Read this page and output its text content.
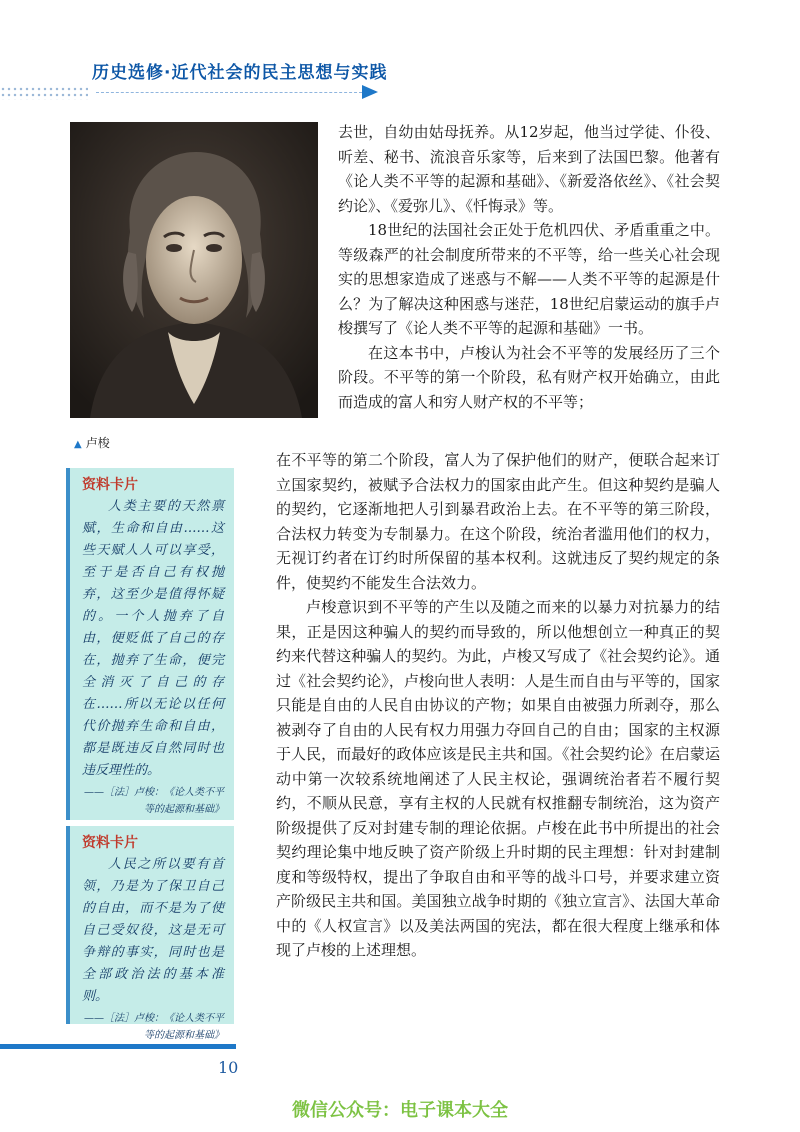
历史选修·近代社会的民主思想与实践
▲ 卢梭

去世，自幼由姑母抚养。从12岁起，他当过学徒、仆役、听差、秘书、流浪音乐家等，后来到了法国巴黎。他著有《论人类不平等的起源和基础》、《新爱洛依丝》、《社会契约论》、《爱弥儿》、《忏悔录》等。

18世纪的法国社会正处于危机四伏、矛盾重重之中。等级森严的社会制度所带来的不平等，给一些关心社会现实的思想家造成了迷惑与不解——人类不平等的起源是什么？为了解决这种困惑与迷茫，18世纪启蒙运动的旗手卢梭撰写了《论人类不平等的起源和基础》一书。

在这本书中，卢梭认为社会不平等的发展经历了三个阶段。不平等的第一个阶段，私有财产权开始确立，由此而造成的富人和穷人财产权的不平等；

在不平等的第二个阶段，富人为了保护他们的财产，便联合起来订立国家契约，被赋予合法权力的国家由此产生。但这种契约是骗人的契约，它逐渐地把人引到暴君政治上去。在不平等的第三阶段，合法权力转变为专制暴力。在这个阶段，统治者滥用他们的权力，无视订约者在订约时所保留的基本权利。这就违反了契约规定的条件，使契约不能发生合法效力。

卢梭意识到不平等的产生以及随之而来的以暴力对抗暴力的结果，正是因这种骗人的契约而导致的，所以他想创立一种真正的契约来代替这种骗人的契约。为此，卢梭又写成了《社会契约论》。通过《社会契约论》，卢梭向世人表明：人是生而自由与平等的，国家只能是自由的人民自由协议的产物；如果自由被强力所剥夺，那么被剥夺了自由的人民有权力用强力夺回自己的自由；国家的主权源于人民，而最好的政体应该是民主共和国。《社会契约论》在启蒙运动中第一次较系统地阐述了人民主权论，强调统治者若不履行契约，不顺从民意，享有主权的人民就有权推翻专制统治，这为资产阶级提供了反对封建专制的理论依据。卢梭在此书中所提出的社会契约理论集中地反映了资产阶级上升时期的民主理想：针对封建制度和等级特权，提出了争取自由和平等的战斗口号，并要求建立资产阶级民主共和国。美国独立战争时期的《独立宣言》、法国大革命中的《人权宣言》以及美法两国的宪法，都在很大程度上继承和体现了卢梭的上述理想。

资料卡片
人类主要的天然禀赋，生命和自由……这些天赋人人可以享受，至于是否自己有权抛弃，这至少是值得怀疑的。一个人抛弃了自由，便贬低了自己的存在，抛弃了生命，便完全消灭了自己的存在……所以无论以任何代价抛弃生命和自由，都是既违反自然同时也违反理性的。
——［法］卢梭：《论人类不平等的起源和基础》
资料卡片
人民之所以要有首领，乃是为了保卫自己的自由，而不是为了使自己受奴役，这是无可争辩的事实，同时也是全部政治法的基本准则。
——［法］卢梭：《论人类不平等的起源和基础》
10
微信公众号：电子课本大全
